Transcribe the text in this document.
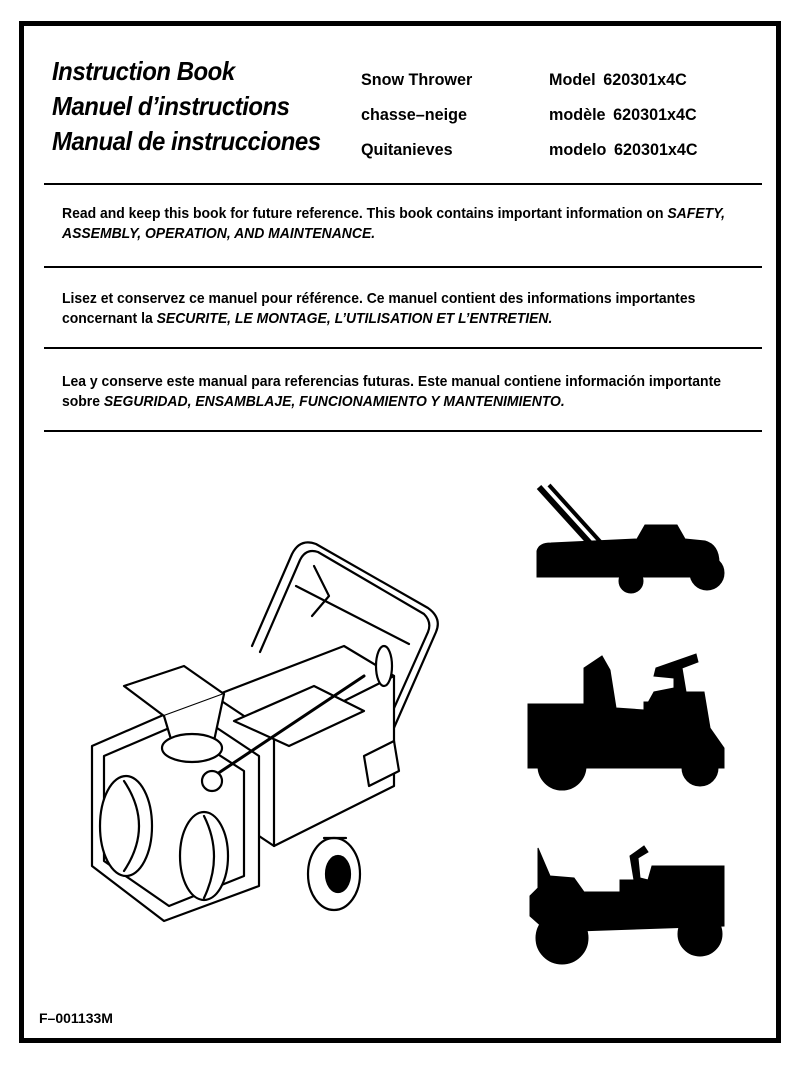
Instruction Book
Manuel d’instructions
Manual de instrucciones
Snow Thrower
chasse–neige
Quitanieves
Model 620301x4C
modèle 620301x4C
modelo 620301x4C
Read and keep this book for future reference. This book contains important information on SAFETY, ASSEMBLY, OPERATION, AND MAINTENANCE.
Lisez et conservez ce manuel pour référence. Ce manuel contient des informations importantes concernant la SECURITE, LE MONTAGE, L’UTILISATION ET L’ENTRETIEN.
Lea y conserve este manual para referencias futuras. Este manual contiene información importante sobre SEGURIDAD, ENSAMBLAJE, FUNCIONAMIENTO Y MANTENIMIENTO.
F–001133M
